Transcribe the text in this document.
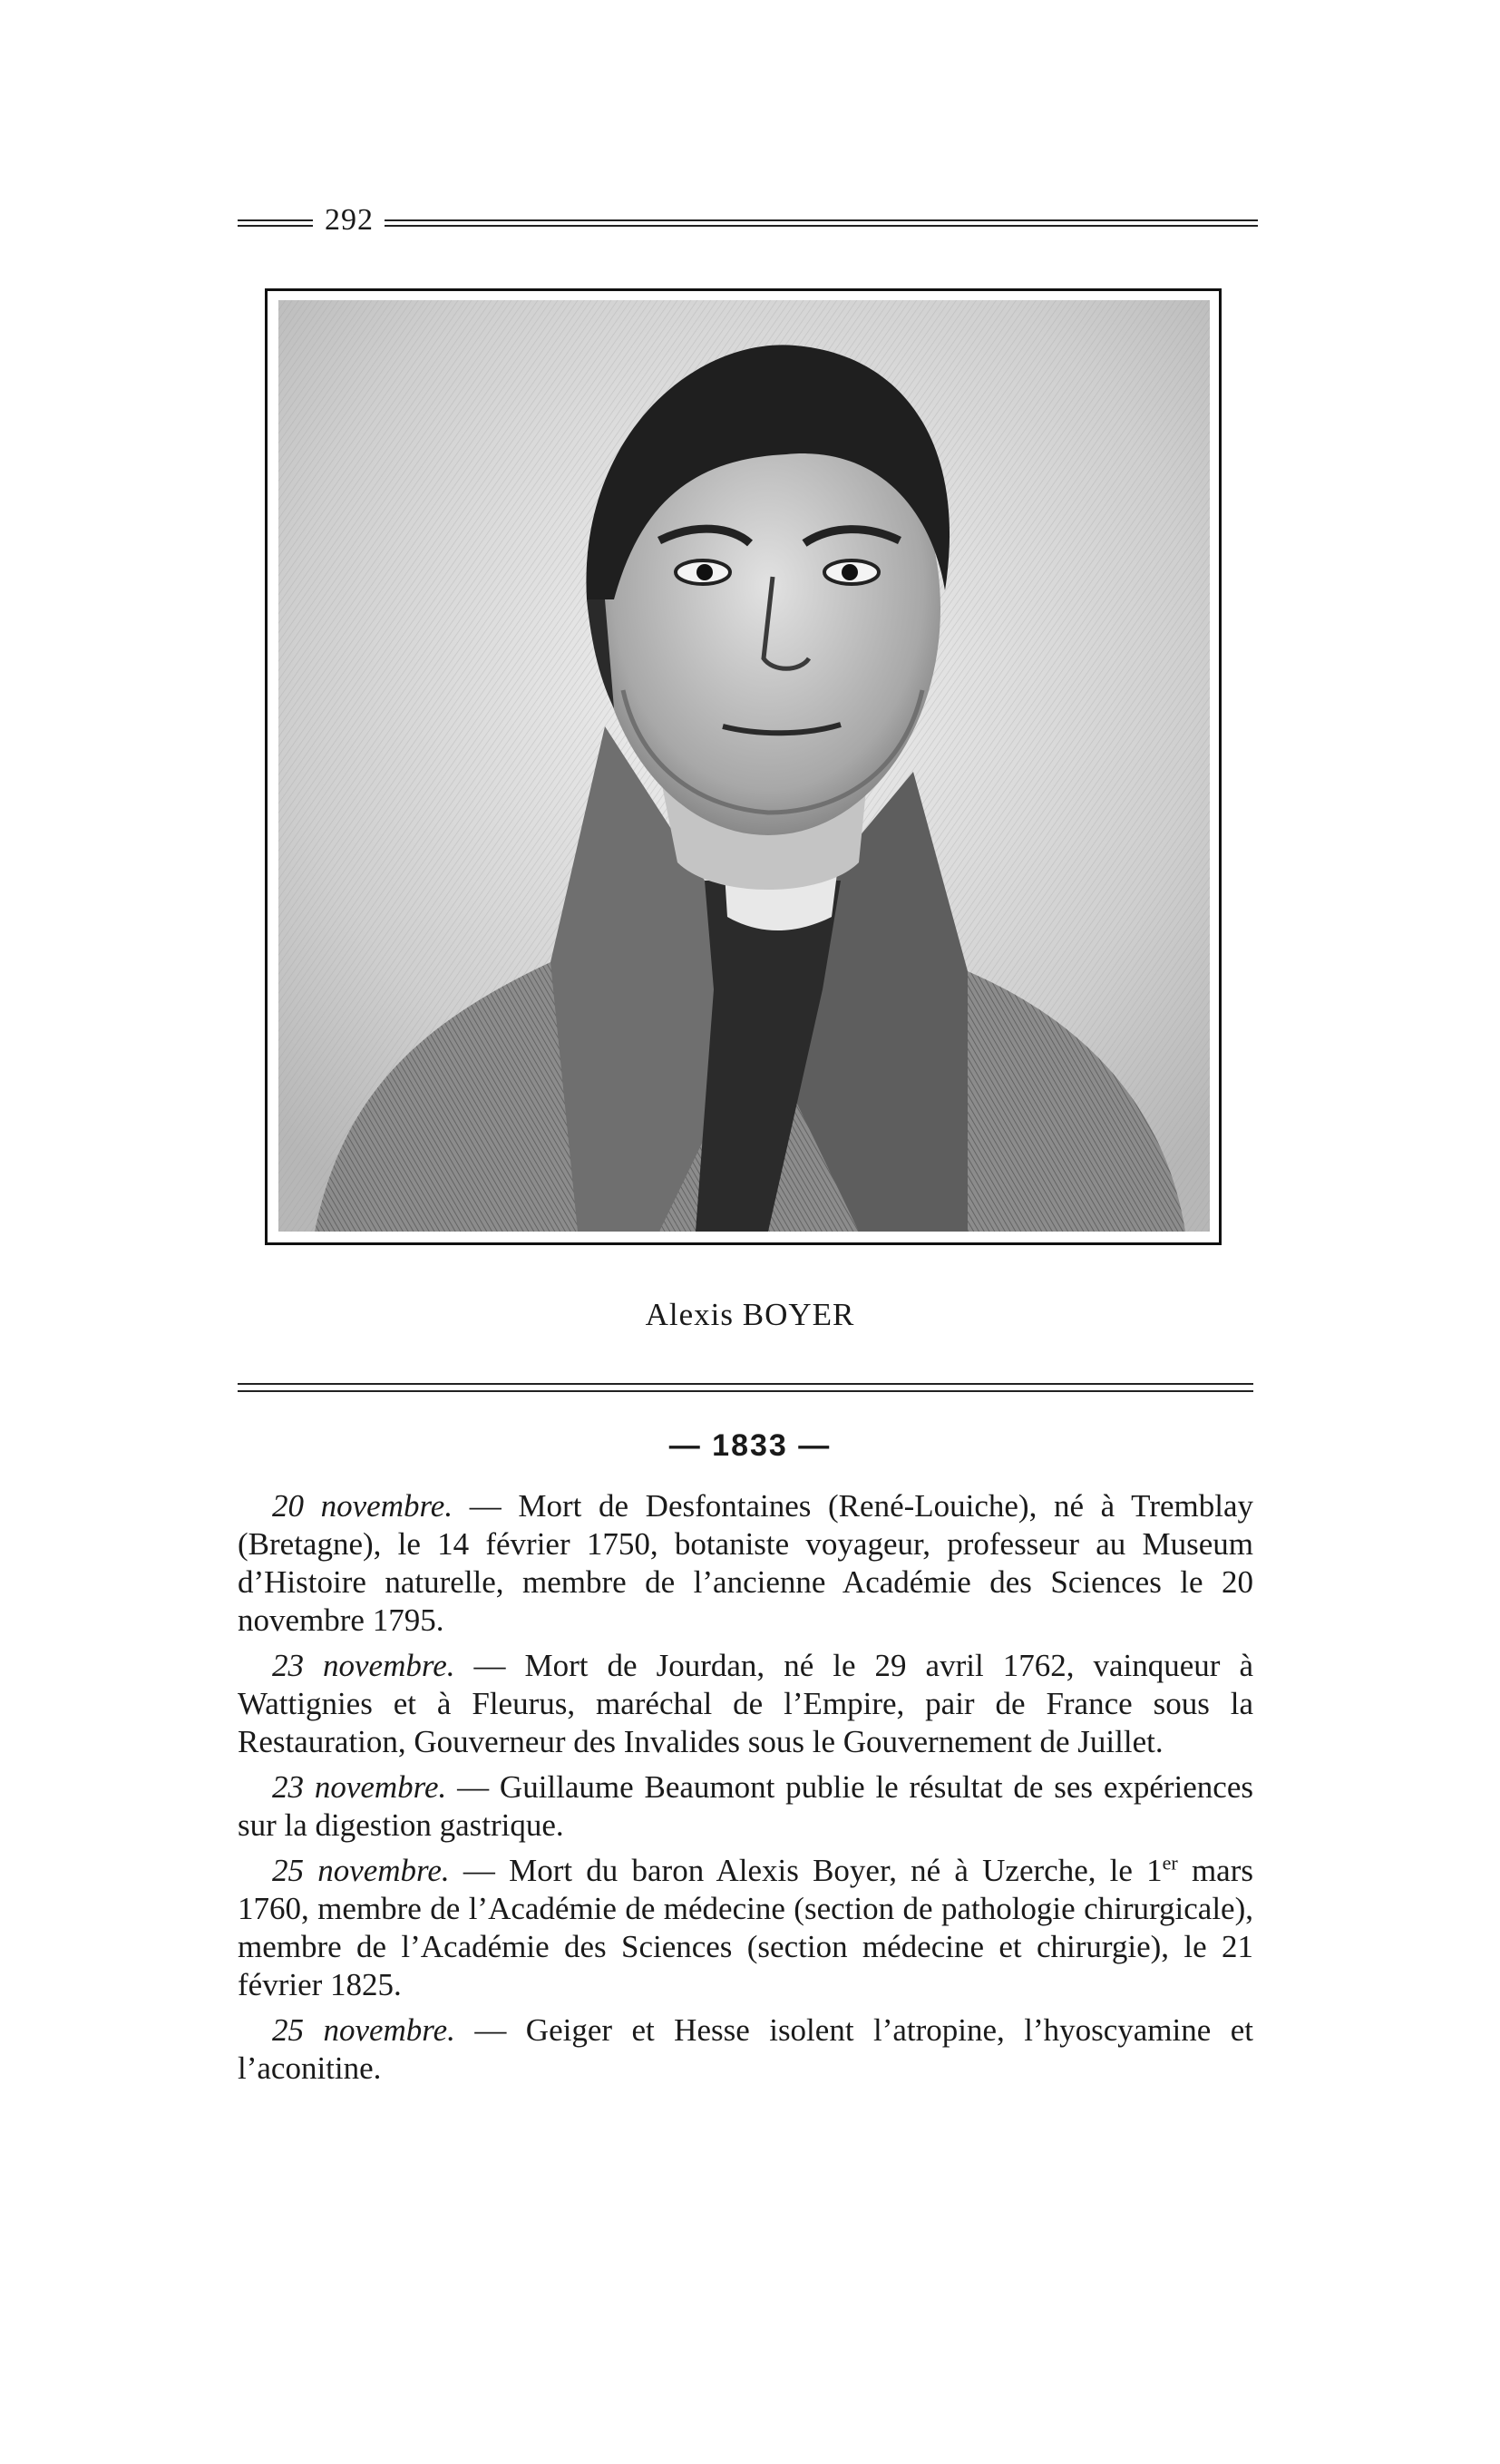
292
Alexis BOYER
— 1833 —

20 novembre. — Mort de Desfontaines (René-Louiche), né à Tremblay (Bretagne), le 14 février 1750, botaniste voyageur, professeur au Museum d’Histoire naturelle, membre de l’ancienne Académie des Sciences le 20 novembre 1795.

23 novembre. — Mort de Jourdan, né le 29 avril 1762, vainqueur à Wattignies et à Fleurus, maréchal de l’Empire, pair de France sous la Restauration, Gouverneur des Invalides sous le Gouvernement de Juillet.

23 novembre. — Guillaume Beaumont publie le résultat de ses expériences sur la digestion gastrique.

25 novembre. — Mort du baron Alexis Boyer, né à Uzerche, le 1er mars 1760, membre de l’Académie de médecine (section de pathologie chirurgicale), membre de l’Académie des Sciences (section médecine et chirurgie), le 21 février 1825.

25 novembre. — Geiger et Hesse isolent l’atropine, l’hyoscyamine et l’aconitine.
